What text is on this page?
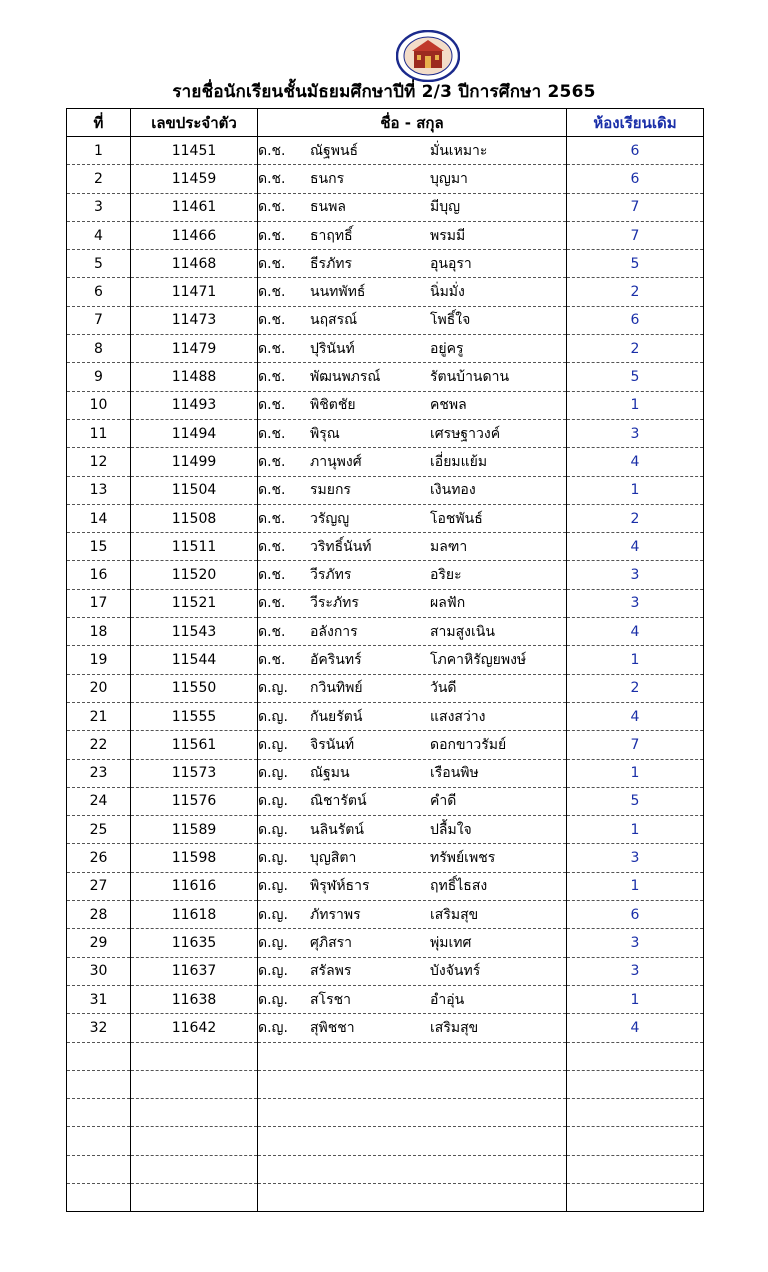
รายชื่อนักเรียนชั้นมัธยมศึกษาปีที่ 2/3 ปีการศึกษา 2565
ที่	เลขประจำตัว	ชื่อ - สกุล	ห้องเรียนเดิม
1	11451	ด.ช. ณัฐพนธ์ มั่นเหมาะ	6
2	11459	ด.ช. ธนกร บุญมา	6
3	11461	ด.ช. ธนพล มีบุญ	7
4	11466	ด.ช. ธาฤทธิ์ พรมมี	7
5	11468	ด.ช. ธีรภัทร อุนอุรา	5
6	11471	ด.ช. นนทพัทธ์ นิ่มมั่ง	2
7	11473	ด.ช. นฤสรณ์ โพธิ์ใจ	6
8	11479	ด.ช. ปุรินันท์ อยู่ครู	2
9	11488	ด.ช. พัฒนพภรณ์ รัตนบ้านดาน	5
10	11493	ด.ช. พิชิตชัย คชพล	1
11	11494	ด.ช. พิรุณ เศรษฐาวงค์	3
12	11499	ด.ช. ภานุพงศ์ เอี่ยมแย้ม	4
13	11504	ด.ช. รมยกร เงินทอง	1
14	11508	ด.ช. วรัญญู โอชพันธ์	2
15	11511	ด.ช. วริทธิ์นันท์ มลฑา	4
16	11520	ด.ช. วีรภัทร อริยะ	3
17	11521	ด.ช. วีระภัทร ผลฟัก	3
18	11543	ด.ช. อลังการ สามสูงเนิน	4
19	11544	ด.ช. อัครินทร์ โภคาหิรัญยพงษ์	1
20	11550	ด.ญ. กวินทิพย์ วันดี	2
21	11555	ด.ญ. กันยรัตน์ แสงสว่าง	4
22	11561	ด.ญ. จิรนันท์ ดอกขาวรัมย์	7
23	11573	ด.ญ. ณัฐมน เรือนพิษ	1
24	11576	ด.ญ. ณิชารัตน์ คำดี	5
25	11589	ด.ญ. นลินรัตน์ ปลื้มใจ	1
26	11598	ด.ญ. บุญสิตา ทรัพย์เพชร	3
27	11616	ด.ญ. พิรุฬห์ธาร ฤทธิ์ไธสง	1
28	11618	ด.ญ. ภัทราพร เสริมสุข	6
29	11635	ด.ญ. ศุภิสรา พุ่มเทศ	3
30	11637	ด.ญ. สรัลพร บังจันทร์	3
31	11638	ด.ญ. สโรชา อำอุ่น	1
32	11642	ด.ญ. สุพิชชา เสริมสุข	4
